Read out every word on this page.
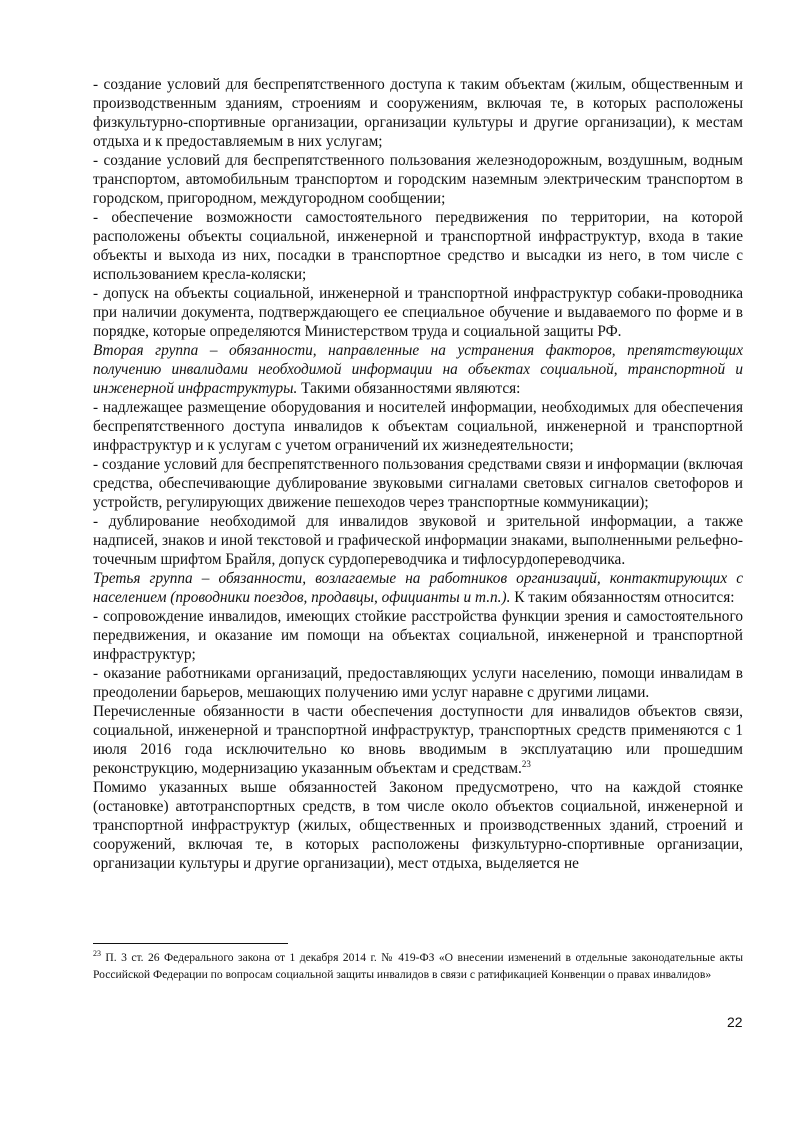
- создание условий для беспрепятственного доступа к таким объектам (жилым, общественным и производственным зданиям, строениям и сооружениям, включая те, в которых расположены физкультурно-спортивные организации, организации культуры и другие организации), к местам отдыха и к предоставляемым в них услугам;

- создание условий для беспрепятственного пользования железнодорожным, воздушным, водным транспортом, автомобильным транспортом и городским наземным электрическим транспортом в городском, пригородном, междугородном сообщении;

- обеспечение возможности самостоятельного передвижения по территории, на которой расположены объекты социальной, инженерной и транспортной инфраструктур, входа в такие объекты и выхода из них, посадки в транспортное средство и высадки из него, в том числе с использованием кресла-коляски;

- допуск на объекты социальной, инженерной и транспортной инфраструктур собаки-проводника при наличии документа, подтверждающего ее специальное обучение и выдаваемого по форме и в порядке, которые определяются Министерством труда и социальной защиты РФ.

Вторая группа – обязанности, направленные на устранения факторов, препятствующих получению инвалидами необходимой информации на объектах социальной, транспортной и инженерной инфраструктуры. Такими обязанностями являются:

- надлежащее размещение оборудования и носителей информации, необходимых для обеспечения беспрепятственного доступа инвалидов к объектам социальной, инженерной и транспортной инфраструктур и к услугам с учетом ограничений их жизнедеятельности;

- создание условий для беспрепятственного пользования средствами связи и информации (включая средства, обеспечивающие дублирование звуковыми сигналами световых сигналов светофоров и устройств, регулирующих движение пешеходов через транспортные коммуникации);

- дублирование необходимой для инвалидов звуковой и зрительной информации, а также надписей, знаков и иной текстовой и графической информации знаками, выполненными рельефно-точечным шрифтом Брайля, допуск сурдопереводчика и тифлосурдопереводчика.

Третья группа – обязанности, возлагаемые на работников организаций, контактирующих с населением (проводники поездов, продавцы, официанты и т.п.). К таким обязанностям относится:

- сопровождение инвалидов, имеющих стойкие расстройства функции зрения и самостоятельного передвижения, и оказание им помощи на объектах социальной, инженерной и транспортной инфраструктур;

- оказание работниками организаций, предоставляющих услуги населению, помощи инвалидам в преодолении барьеров, мешающих получению ими услуг наравне с другими лицами.

Перечисленные обязанности в части обеспечения доступности для инвалидов объектов связи, социальной, инженерной и транспортной инфраструктур, транспортных средств применяются с 1 июля 2016 года исключительно ко вновь вводимым в эксплуатацию или прошедшим реконструкцию, модернизацию указанным объектам и средствам.$^{23}$

Помимо указанных выше обязанностей Законом предусмотрено, что на каждой стоянке (остановке) автотранспортных средств, в том числе около объектов социальной, инженерной и транспортной инфраструктур (жилых, общественных и производственных зданий, строений и сооружений, включая те, в которых расположены физкультурно-спортивные организации, организации культуры и другие организации), мест отдыха, выделяется не

$^{23}$ П. 3 ст. 26 Федерального закона от 1 декабря 2014 г. № 419-ФЗ «О внесении изменений в отдельные законодательные акты Российской Федерации по вопросам социальной защиты инвалидов в связи с ратификацией Конвенции о правах инвалидов»
22
